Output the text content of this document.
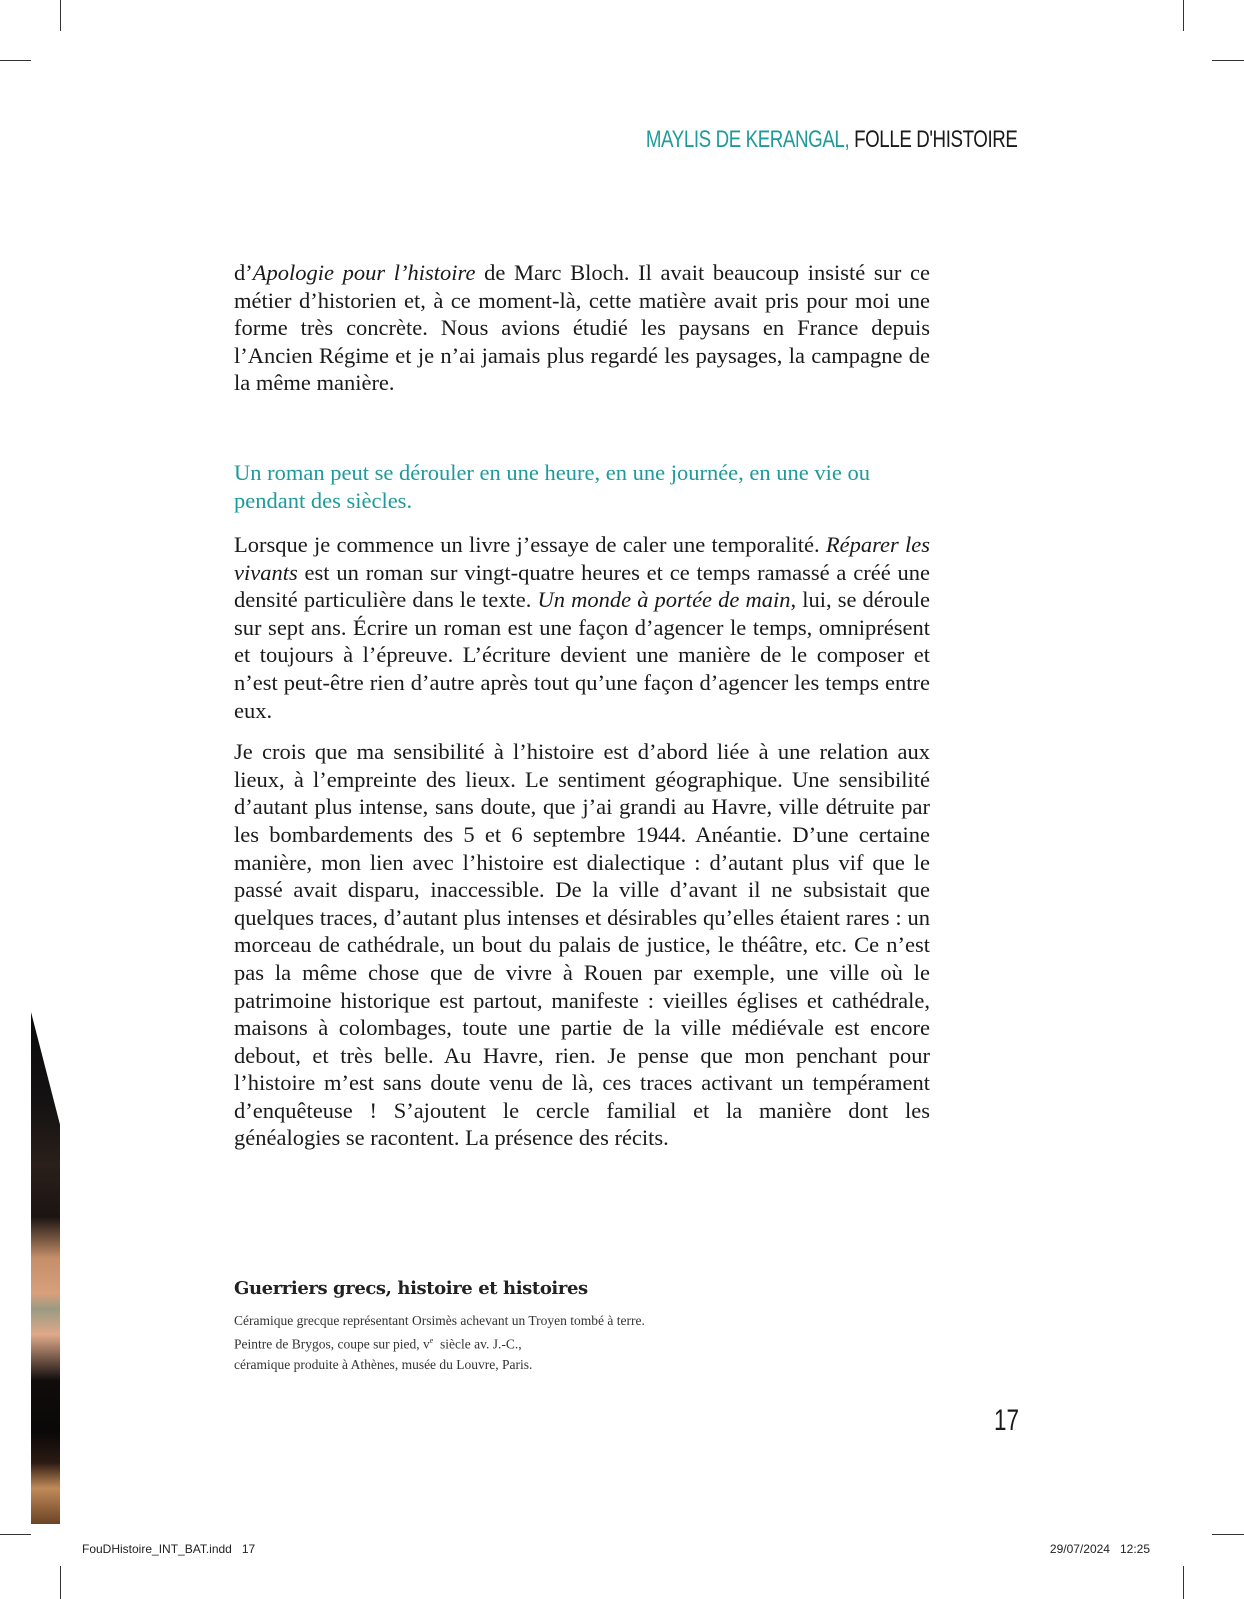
MAYLIS DE KERANGAL, FOLLE D'HISTOIRE

d’Apologie pour l’histoire de Marc Bloch. Il avait beaucoup insisté sur ce métier d’historien et, à ce moment-là, cette matière avait pris pour moi une forme très concrète. Nous avions étudié les paysans en France depuis l’Ancien Régime et je n’ai jamais plus regardé les paysages, la campagne de la même manière.

Un roman peut se dérouler en une heure, en une journée, en une vie ou pendant des siècles.

Lorsque je commence un livre j’essaye de caler une temporalité. Réparer les vivants est un roman sur vingt-quatre heures et ce temps ramassé a créé une densité particulière dans le texte. Un monde à portée de main, lui, se déroule sur sept ans. Écrire un roman est une façon d’agencer le temps, omniprésent et toujours à l’épreuve. L’écriture devient une manière de le composer et n’est peut-être rien d’autre après tout qu’une façon d’agencer les temps entre eux.

Je crois que ma sensibilité à l’histoire est d’abord liée à une relation aux lieux, à l’empreinte des lieux. Le sentiment géographique. Une sensibilité d’autant plus intense, sans doute, que j’ai grandi au Havre, ville détruite par les bombardements des 5 et 6 septembre 1944. Anéantie. D’une certaine manière, mon lien avec l’histoire est dialectique : d’autant plus vif que le passé avait disparu, inaccessible. De la ville d’avant il ne subsistait que quelques traces, d’autant plus intenses et désirables qu’elles étaient rares : un morceau de cathédrale, un bout du palais de justice, le théâtre, etc. Ce n’est pas la même chose que de vivre à Rouen par exemple, une ville où le patrimoine historique est partout, manifeste : vieilles églises et cathédrale, maisons à colombages, toute une partie de la ville médiévale est encore debout, et très belle. Au Havre, rien. Je pense que mon penchant pour l’histoire m’est sans doute venu de là, ces traces activant un tempérament d’enquêteuse ! S’ajoutent le cercle familial et la manière dont les généalogies se racontent. La présence des récits.

Guerriers grecs, histoire et histoires
Céramique grecque représentant Orsimès achevant un Troyen tombé à terre.
Peintre de Brygos, coupe sur pied, $v^e$  siècle av. J.-C.,
céramique produite à Athènes, musée du Louvre, Paris.
17
FouDHistoire_INT_BAT.indd   17	29/07/2024   12:25
